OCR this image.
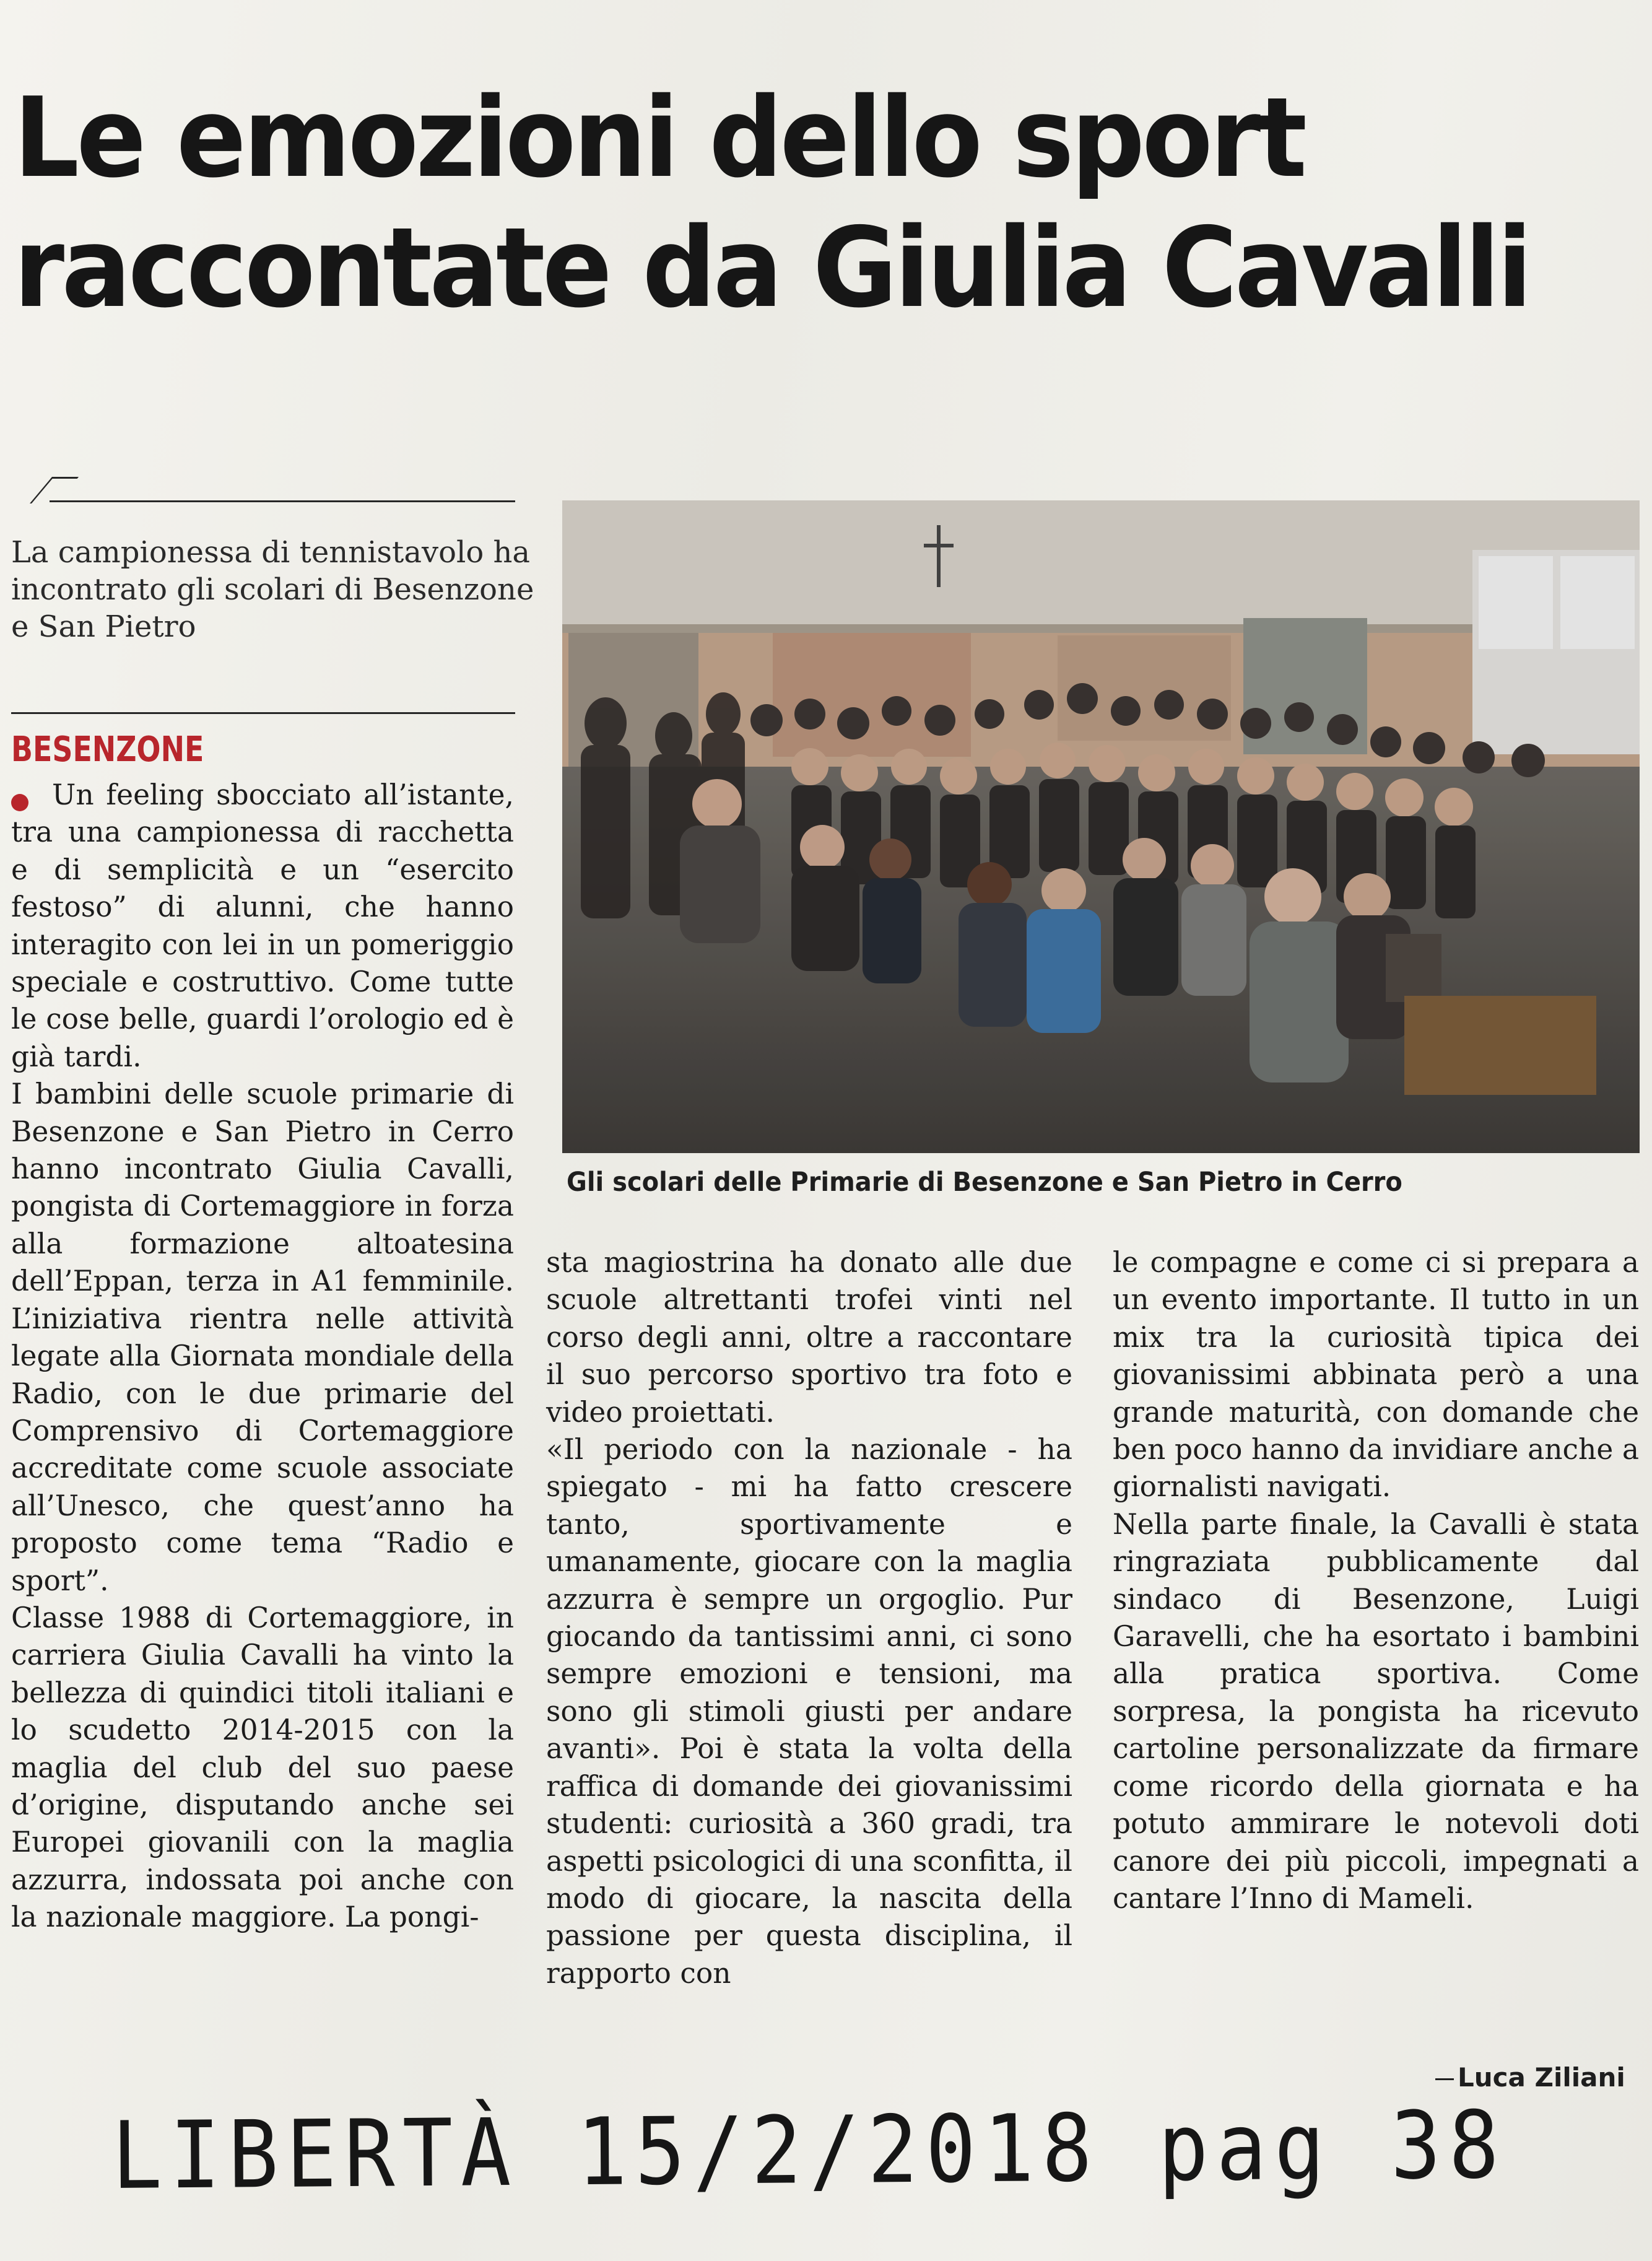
Le emozioni dello sport
raccontate da Giulia Cavalli
La campionessa di tennistavolo ha incontrato gli scolari di Besenzone e San Pietro
BESENZONE
Gli scolari delle Primarie di Besenzone e San Pietro in Cerro

Un feeling sbocciato all’istante, tra una campionessa di racchetta e di semplicità e un “esercito festoso” di alunni, che hanno interagito con lei in un pomeriggio speciale e costruttivo. Come tutte le cose belle, guardi l’orologio ed è già tardi.

I bambini delle scuole primarie di Besenzone e San Pietro in Cerro hanno incontrato Giulia Cavalli, pongista di Cortemaggiore in forza alla formazione altoatesina dell’Eppan, terza in A1 femminile. L’iniziativa rientra nelle attività legate alla Giornata mondiale della Radio, con le due primarie del Comprensivo di Cortemaggiore accreditate come scuole associate all’Unesco, che quest’anno ha proposto come tema “Radio e sport”.

Classe 1988 di Cortemaggiore, in carriera Giulia Cavalli ha vinto la bellezza di quindici titoli italiani e lo scudetto 2014-2015 con la maglia del club del suo paese d’origine, disputando anche sei Europei giovanili con la maglia azzurra, indossata poi anche con la nazionale maggiore. La pongi-

sta magiostrina ha donato alle due scuole altrettanti trofei vinti nel corso degli anni, oltre a raccontare il suo percorso sportivo tra foto e video proiettati.

«Il periodo con la nazionale - ha spiegato - mi ha fatto crescere tanto, sportivamente e umanamente, giocare con la maglia azzurra è sempre un orgoglio. Pur giocando da tantissimi anni, ci sono sempre emozioni e tensioni, ma sono gli stimoli giusti per andare avanti». Poi è stata la volta della raffica di domande dei giovanissimi studenti: curiosità a 360 gradi, tra aspetti psicologici di una sconfitta, il modo di giocare, la nascita della passione per questa disciplina, il rapporto con

le compagne e come ci si prepara a un evento importante. Il tutto in un mix tra la curiosità tipica dei giovanissimi abbinata però a una grande maturità, con domande che ben poco hanno da invidiare anche a giornalisti navigati.

Nella parte finale, la Cavalli è stata ringraziata pubblicamente dal sindaco di Besenzone, Luigi Garavelli, che ha esortato i bambini alla pratica sportiva. Come sorpresa, la pongista ha ricevuto cartoline personalizzate da firmare come ricordo della giornata e ha potuto ammirare le notevoli doti canore dei più piccoli, impegnati a cantare l’Inno di Mameli.

Luca Ziliani
LIBERTÀ 15/2/2018 pag 38
